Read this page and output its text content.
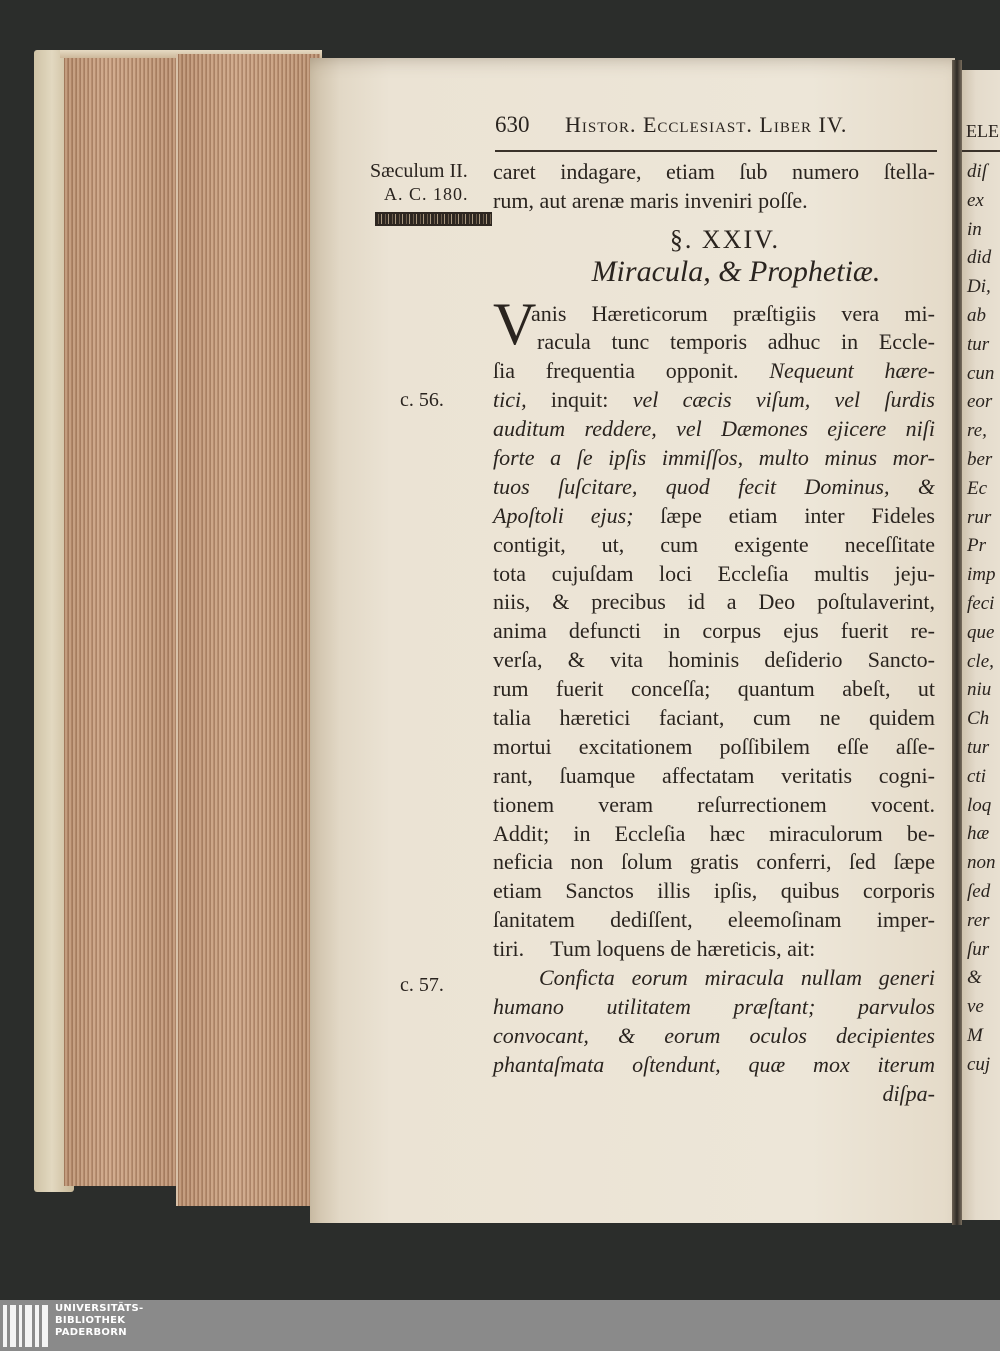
630 Histor. Ecclesiast. Liber IV.
Sæculum II.
A. C. 180.
c. 56.
c. 57.
caret indagare, etiam ſub numero ſtella-
rum, aut arenæ maris inveniri poſſe.
§. XXIV.
Miracula, & Prophetiæ.
V
anis Hæreticorum præſtigiis vera mi-
racula tunc temporis adhuc in Eccle-
ſia frequentia opponit. Nequeunt hære-
tici, inquit: vel cæcis viſum, vel ſurdis
auditum reddere, vel Dæmones ejicere niſi
forte a ſe ipſis immiſſos, multo minus mor-
tuos ſuſcitare, quod fecit Dominus, &
Apoſtoli ejus; ſæpe etiam inter Fideles
contigit, ut, cum exigente neceſſitate
tota cujuſdam loci Eccleſia multis jeju-
niis, & precibus id a Deo poſtulaverint,
anima defuncti in corpus ejus fuerit re-
verſa, & vita hominis deſiderio Sancto-
rum fuerit conceſſa; quantum abeſt, ut
talia hæretici faciant, cum ne quidem
mortui excitationem poſſibilem eſſe aſſe-
rant, ſuamque affectatam veritatis cogni-
tionem veram reſurrectionem vocent.
Addit; in Eccleſia hæc miraculorum be-
neficia non ſolum gratis conferri, ſed ſæpe
etiam Sanctos illis ipſis, quibus corporis
ſanitatem dediſſent, eleemoſinam imper-
tiri. Tum loquens de hæreticis, ait:
Conficta eorum miracula nullam generi
humano utilitatem præſtant; parvulos
convocant, & eorum oculos decipientes
phantaſmata oſtendunt, quæ mox iterum
diſpa-
ELE
diſ
ex
in
did
Di,
ab
tur
cun
eor
re,
ber
Ec
rur
Pr
imp
feci
que
cle,
niu
Ch
tur
cti
loq
hæ
non
ſed
rer
ſur
&
ve
M
cuj
UNIVERSITÄTS-
BIBLIOTHEK
PADERBORN
